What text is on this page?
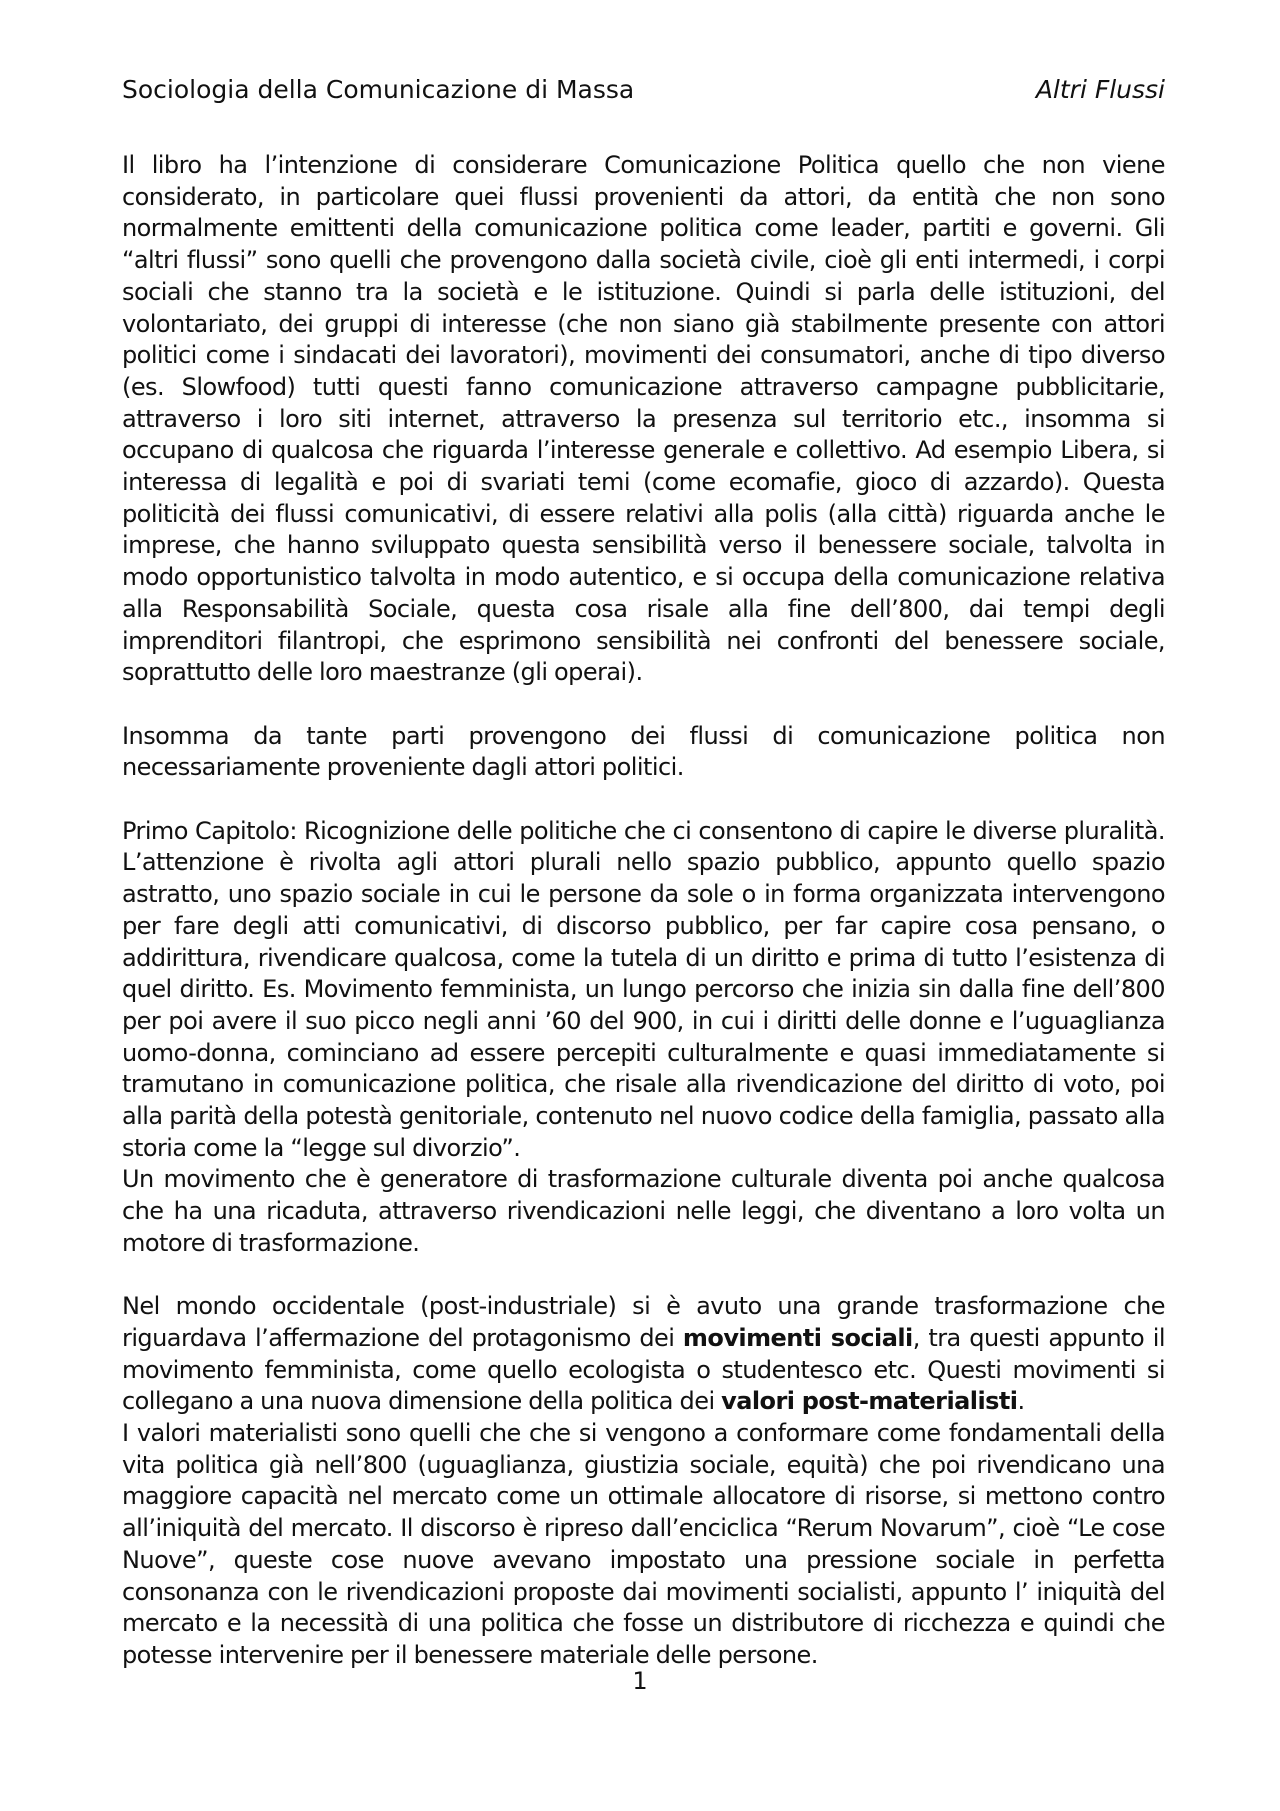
Sociologia della Comunicazione di Massa	Altri Flussi

Il libro ha l’intenzione di considerare Comunicazione Politica quello che non viene considerato, in particolare quei flussi provenienti da attori, da entità che non sono normalmente emittenti della comunicazione politica come leader, partiti e governi. Gli “altri flussi” sono quelli che provengono dalla società civile, cioè gli enti intermedi, i corpi sociali che stanno tra la società e le istituzione. Quindi si parla delle istituzioni, del volontariato, dei gruppi di interesse (che non siano già stabilmente presente con attori politici come i sindacati dei lavoratori), movimenti dei consumatori, anche di tipo diverso (es. Slowfood) tutti questi fanno comunicazione attraverso campagne pubblicitarie, attraverso i loro siti internet, attraverso la presenza sul territorio etc., insomma si occupano di qualcosa che riguarda l’interesse generale e collettivo. Ad esempio Libera, si interessa di legalità e poi di svariati temi (come ecomafie, gioco di azzardo). Questa politicità dei flussi comunicativi, di essere relativi alla polis (alla città) riguarda anche le imprese, che hanno sviluppato questa sensibilità verso il benessere sociale, talvolta in modo opportunistico talvolta in modo autentico, e si occupa della comunicazione relativa alla Responsabilità Sociale, questa cosa risale alla fine dell’800, dai tempi degli imprenditori filantropi, che esprimono sensibilità nei confronti del benessere sociale, soprattutto delle loro maestranze (gli operai).

Insomma da tante parti provengono dei flussi di comunicazione politica non necessariamente proveniente dagli attori politici.

Primo Capitolo: Ricognizione delle politiche che ci consentono di capire le diverse pluralità. L’attenzione è rivolta agli attori plurali nello spazio pubblico, appunto quello spazio astratto, uno spazio sociale in cui le persone da sole o in forma organizzata intervengono per fare degli atti comunicativi, di discorso pubblico, per far capire cosa pensano, o addirittura, rivendicare qualcosa, come la tutela di un diritto e prima di tutto l’esistenza di quel diritto. Es. Movimento femminista, un lungo percorso che inizia sin dalla fine dell’800 per poi avere il suo picco negli anni ’60 del 900, in cui i diritti delle donne e l’uguaglianza uomo-donna, cominciano ad essere percepiti culturalmente e quasi immediatamente si tramutano in comunicazione politica, che risale alla rivendicazione del diritto di voto, poi alla parità della potestà genitoriale, contenuto nel nuovo codice della famiglia, passato alla storia come la “legge sul divorzio”.

Un movimento che è generatore di trasformazione culturale diventa poi anche qualcosa che ha una ricaduta, attraverso rivendicazioni nelle leggi, che diventano a loro volta un motore di trasformazione.

Nel mondo occidentale (post-industriale) si è avuto una grande trasformazione che riguardava l’affermazione del protagonismo dei movimenti sociali, tra questi appunto il movimento femminista, come quello ecologista o studentesco etc. Questi movimenti si collegano a una nuova dimensione della politica dei valori post-materialisti.

I valori materialisti sono quelli che che si vengono a conformare come fondamentali della vita politica già nell’800 (uguaglianza, giustizia sociale, equità) che poi rivendicano una maggiore capacità nel mercato come un ottimale allocatore di risorse, si mettono contro all’iniquità del mercato. Il discorso è ripreso dall’enciclica “Rerum Novarum”, cioè “Le cose Nuove”, queste cose nuove avevano impostato una pressione sociale in perfetta consonanza con le rivendicazioni proposte dai movimenti socialisti, appunto l’ iniquità del mercato e la necessità di una politica che fosse un distributore di ricchezza e quindi che potesse intervenire per il benessere materiale delle persone.

1
